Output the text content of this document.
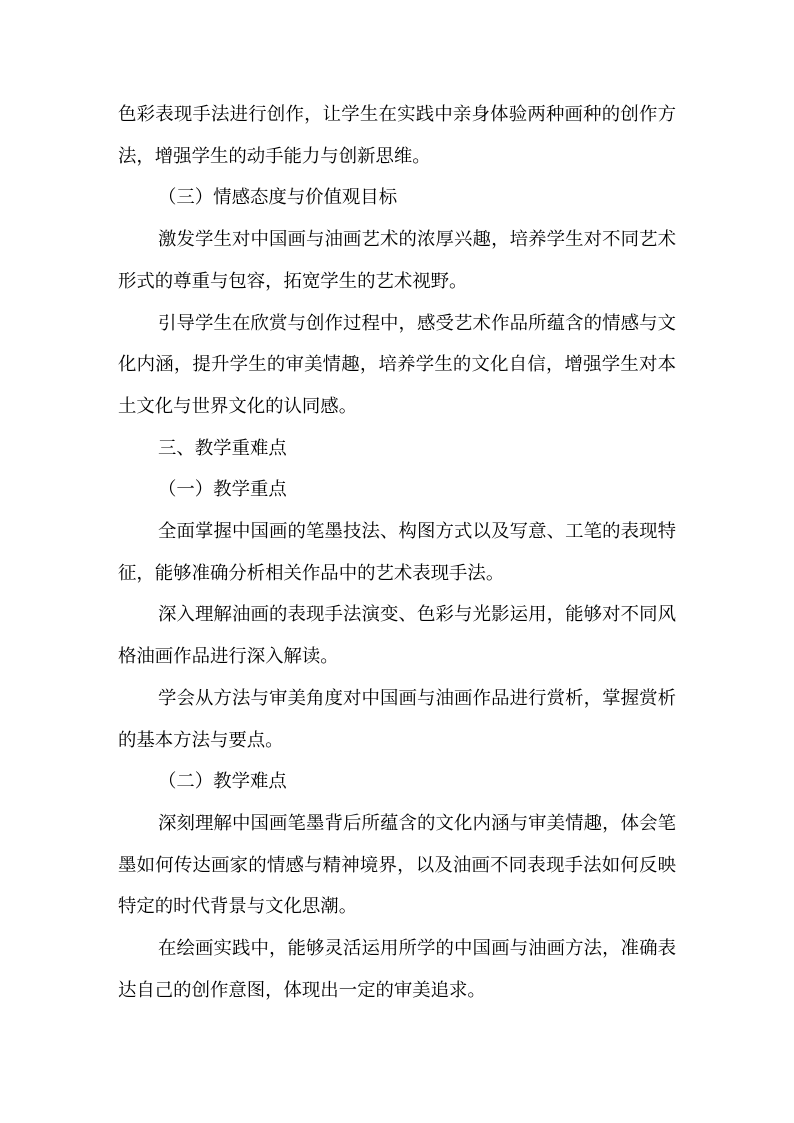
色彩表现手法进行创作，让学生在实践中亲身体验两种画种的创作方
法，增强学生的动手能力与创新思维。
（三）情感态度与价值观目标
激发学生对中国画与油画艺术的浓厚兴趣，培养学生对不同艺术
形式的尊重与包容，拓宽学生的艺术视野。
引导学生在欣赏与创作过程中，感受艺术作品所蕴含的情感与文
化内涵，提升学生的审美情趣，培养学生的文化自信，增强学生对本
土文化与世界文化的认同感。
三、教学重难点
（一）教学重点
全面掌握中国画的笔墨技法、构图方式以及写意、工笔的表现特
征，能够准确分析相关作品中的艺术表现手法。
深入理解油画的表现手法演变、色彩与光影运用，能够对不同风
格油画作品进行深入解读。
学会从方法与审美角度对中国画与油画作品进行赏析，掌握赏析
的基本方法与要点。
（二）教学难点
深刻理解中国画笔墨背后所蕴含的文化内涵与审美情趣，体会笔
墨如何传达画家的情感与精神境界，以及油画不同表现手法如何反映
特定的时代背景与文化思潮。
在绘画实践中，能够灵活运用所学的中国画与油画方法，准确表
达自己的创作意图，体现出一定的审美追求。
